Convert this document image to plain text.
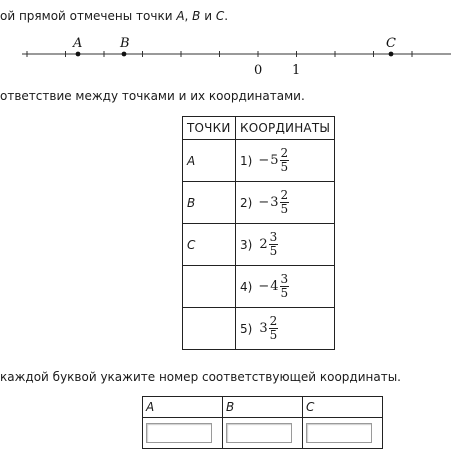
ой прямой отмечены точки A, B и C.
A	B	C
0 1
ответствие между точками и их координатами.
ТОЧКИ	КООРДИНАТЫ
A	$1) - 5 \frac{2}{5}$

B	$2) - 3 \frac{2}{5}$

C	3) $2 \frac{3}{5}$

	$4) - 4 \frac{3}{5}$

	5) $3 \frac{2}{5}$
каждой буквой укажите номер соответствующей координаты.
A	B	C
